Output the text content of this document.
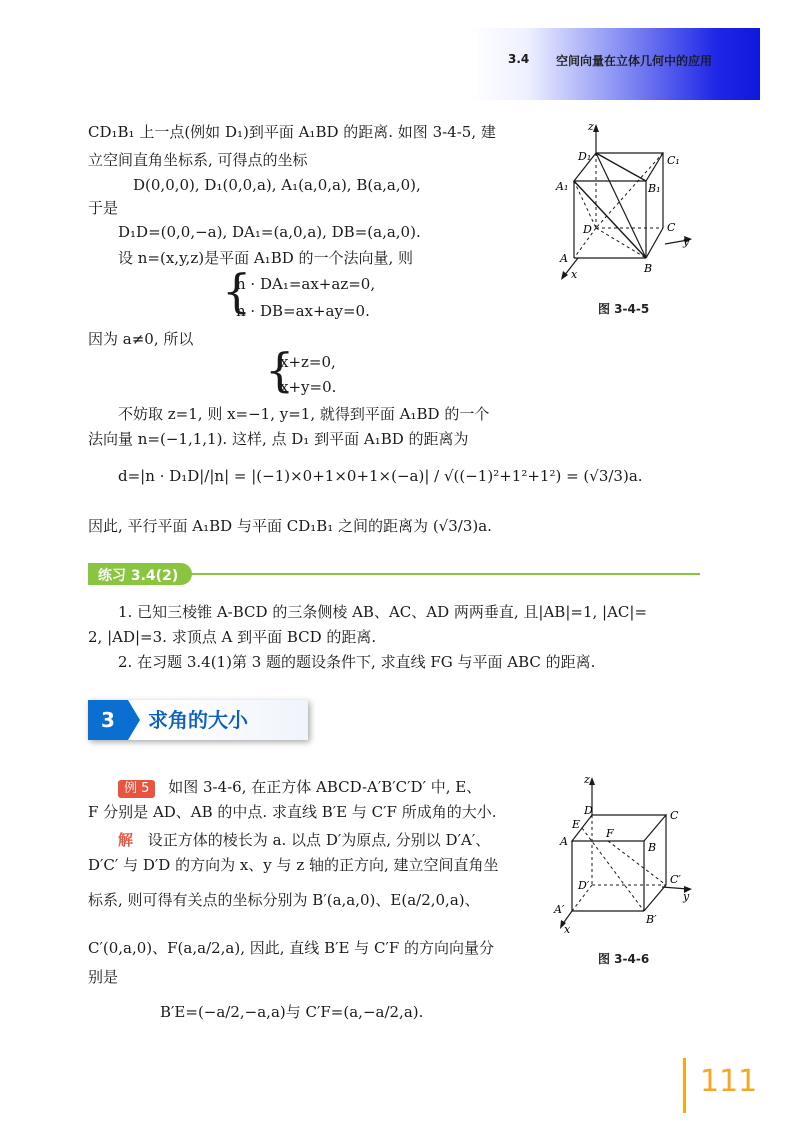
3.4 空间向量在立体几何中的应用
CD₁B₁ 上一点(例如 D₁)到平面 A₁BD 的距离. 如图 3-4-5, 建
立空间直角坐标系, 可得点的坐标
D(0,0,0), D₁(0,0,a), A₁(a,0,a), B(a,a,0),
于是
D₁D=(0,0,−a), DA₁=(a,0,a), DB=(a,a,0).
设 n=(x,y,z)是平面 A₁BD 的一个法向量, 则
{
n · DA₁=ax+az=0,
n · DB=ax+ay=0.
因为 a≠0, 所以
{
x+z=0,
x+y=0.
不妨取 z=1, 则 x=−1, y=1, 就得到平面 A₁BD 的一个
法向量 n=(−1,1,1). 这样, 点 D₁ 到平面 A₁BD 的距离为
d=|n · D₁D|/|n| = |(−1)×0+1×0+1×(−a)| / √((−1)²+1²+1²) = (√3/3)a.
因此, 平行平面 A₁BD 与平面 CD₁B₁ 之间的距离为 (√3/3)a.
z
y
x
D₁	C₁
A₁	B₁
C
D
A
B
图 3-4-5
练习 3.4(2)
1. 已知三棱锥 A-BCD 的三条侧棱 AB、AC、AD 两两垂直, 且|AB|=1, |AC|=
2, |AD|=3. 求顶点 A 到平面 BCD 的距离.
2. 在习题 3.4(1)第 3 题的题设条件下, 求直线 FG 与平面 ABC 的距离.
3	求角的大小
例 5 如图 3-4-6, 在正方体 ABCD-A′B′C′D′ 中, E、
F 分别是 AD、AB 的中点. 求直线 B′E 与 C′F 所成角的大小.
解 设正方体的棱长为 a. 以点 D′为原点, 分别以 D′A′、
D′C′ 与 D′D 的方向为 x、y 与 z 轴的正方向, 建立空间直角坐
标系, 则可得有关点的坐标分别为 B′(a,a,0)、E(a/2,0,a)、
C′(0,a,0)、F(a,a/2,a), 因此, 直线 B′E 与 C′F 的方向向量分
别是
B′E=(−a/2,−a,a)与 C′F=(a,−a/2,a).
z
y
x
D	C
E
A
F
B
C′
D′
A′
B′
图 3-4-6
111
